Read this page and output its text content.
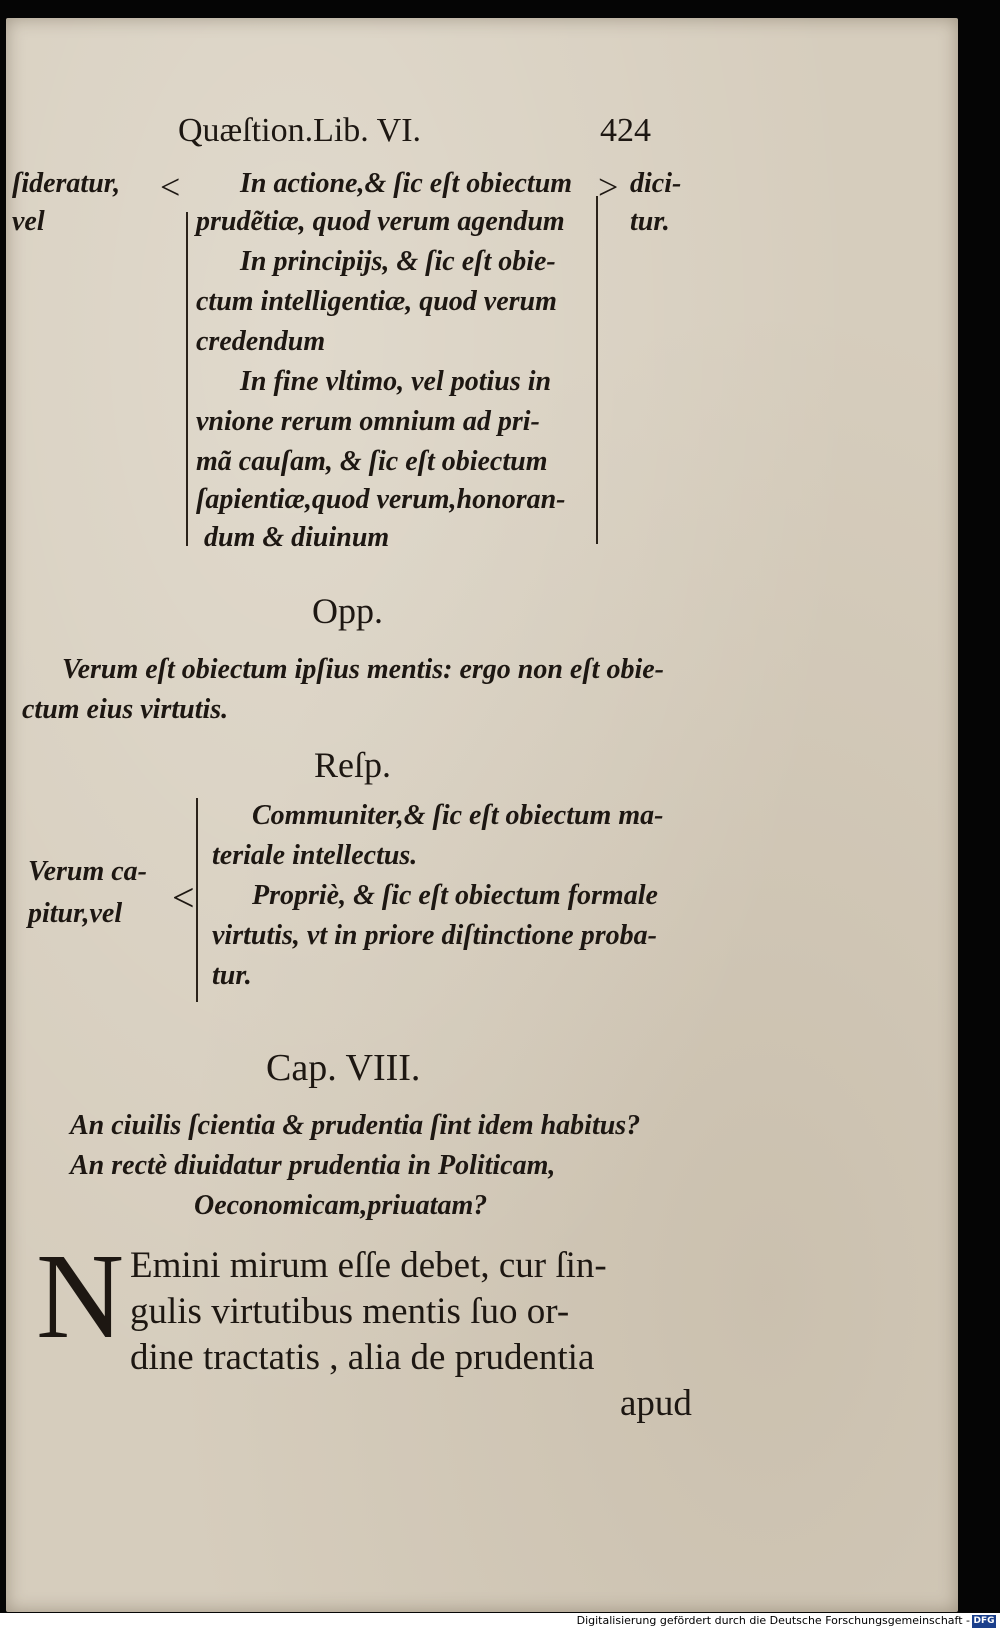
Quæſtion.Lib. VI.	424
ſideratur,
vel
< In actione,& ſic eſt obiectum
prudẽtiæ, quod verum agendum
In principijs, & ſic eſt obie-
ctum intelligentiæ, quod verum
credendum
In fine vltimo, vel potius in
vnione rerum omnium ad pri-
mã cauſam, & ſic eſt obiectum
ſapientiæ,quod verum,honoran-
dum & diuinum
> dici-
tur.
Opp.
Verum eſt obiectum ipſius mentis: ergo non eſt obie-
ctum eius virtutis.
Reſp.
Verum ca-
pitur,vel <
Communiter,& ſic eſt obiectum ma-
teriale intellectus.
Propriè, & ſic eſt obiectum formale
virtutis, vt in priore diſtinctione proba-
tur.
Cap. VIII.
An ciuilis ſcientia & prudentia ſint idem habitus?
An rectè diuidatur prudentia in Politicam,
Oeconomicam,priuatam?
N Emini mirum eſſe debet, cur ſin-
gulis virtutibus mentis ſuo or-
dine tractatis , alia de prudentia
apud
Digitalisierung gefördert durch die Deutsche Forschungsgemeinschaft - DFG
